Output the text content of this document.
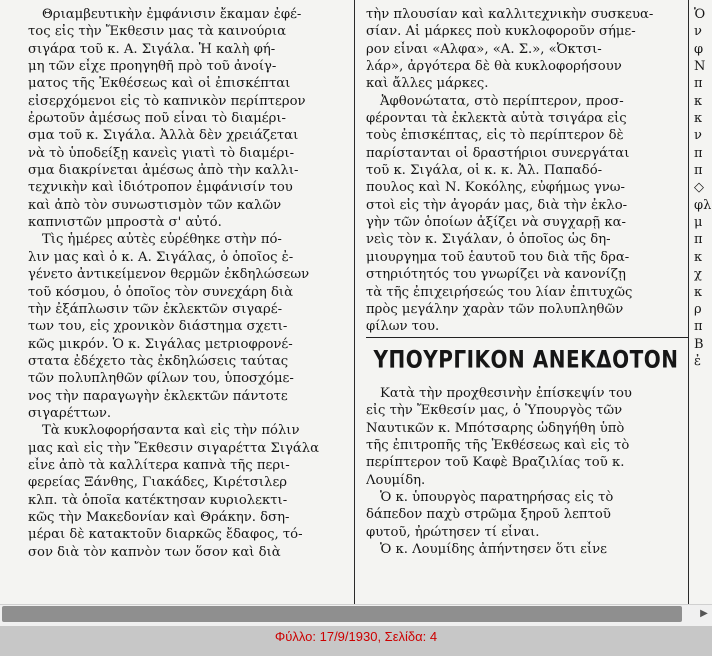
Θριαμβευτικὴν ἐμφάνισιν ἔκαμαν ἐφέ-
τος εἰς τὴν Ἔκθεσιν μας τὰ καινούρια
σιγάρα τοῦ κ. Α. Σιγάλα. Ἡ καλὴ φή-
μη τῶν εἶχε προηγηθῆ πρὸ τοῦ ἀνοίγ-
ματος τῆς Ἐκθέσεως καὶ οἱ ἐπισκέπται
εἰσερχόμενοι εἰς τὸ καπνικὸν περίπτερον
ἐρωτοῦν ἀμέσως ποῦ εἶναι τὸ διαμέρι-
σμα τοῦ κ. Σιγάλα. Ἀλλὰ δὲν χρειάζεται
νὰ τὸ ὑποδείξῃ κανεὶς γιατὶ τὸ διαμέρι-
σμα διακρίνεται ἀμέσως ἀπὸ τὴν καλλι-
τεχνικὴν καὶ ἰδιότροπον ἐμφάνισίν του
καὶ ἀπὸ τὸν συνωστισμὸν τῶν καλῶν
καπνιστῶν μπροστὰ σ' αὐτό.
Τὶς ἡμέρες αὐτὲς εὑρέθηκε στὴν πό-
λιν μας καὶ ὁ κ. Α. Σιγάλας, ὁ ὁποῖος ἐ-
γένετο ἀντικείμενον θερμῶν ἐκδηλώσεων
τοῦ κόσμου, ὁ ὁποῖος τὸν συνεχάρη διὰ
τὴν ἐξάπλωσιν τῶν ἐκλεκτῶν σιγαρέ-
των του, εἰς χρονικὸν διάστημα σχετι-
κῶς μικρόν. Ὁ κ. Σιγάλας μετριοφρονέ-
στατα ἐδέχετο τὰς ἐκδηλώσεις ταύτας
τῶν πολυπληθῶν φίλων του, ὑποσχόμε-
νος τὴν παραγωγὴν ἐκλεκτῶν πάντοτε
σιγαρέττων.
Τὰ κυκλοφορήσαντα καὶ εἰς τὴν πόλιν
μας καὶ εἰς τὴν Ἔκθεσιν σιγαρέττα Σιγάλα
εἶνε ἀπὸ τὰ καλλίτερα καπνὰ τῆς περι-
φερείας Ξάνθης, Γιακάδες, Κιρέτσιλερ
κλπ. τὰ ὁποῖα κατέκτησαν κυριολεκτι-
κῶς τὴν Μακεδονίαν καὶ Θράκην. δση-
μέραι δὲ κατακτοῦν διαρκῶς ἔδαφος, τό-
σον διὰ τὸν καπνὸν των ὅσον καὶ διὰ
τὴν πλουσίαν καὶ καλλιτεχνικὴν συσκευα-
σίαν. Αἱ μάρκες ποὺ κυκλοφοροῦν σήμε-
ρον εἶναι «Αλφα», «Α. Σ.», «Ὀκτσι-
λάρ», ἀργότερα δὲ θὰ κυκλοφορήσουν
καὶ ἄλλες μάρκες.
Ἀφθονώτατα, στὸ περίπτερον, προσ-
φέρονται τὰ ἐκλεκτὰ αὐτὰ τσιγάρα εἰς
τοὺς ἐπισκέπτας, εἰς τὸ περίπτερον δὲ
παρίστανται οἱ δραστήριοι συνεργάται
τοῦ κ. Σιγάλα, οἱ κ. κ. Ἀλ. Παπαδό-
πουλος καὶ Ν. Κοκόλης, εὐφήμως γνω-
στοὶ εἰς τὴν ἀγοράν μας, διὰ τὴν ἐκλο-
γὴν τῶν ὁποίων ἀξίζει νὰ συγχαρῇ κα-
νεὶς τὸν κ. Σιγάλαν, ὁ ὁποῖος ὡς δη-
μιουργημα τοῦ ἑαυτοῦ του διὰ τῆς δρα-
στηριότητός του γνωρίζει νὰ κανονίζῃ
τὰ τῆς ἐπιχειρήσεώς του λίαν ἐπιτυχῶς
πρὸς μεγάλην χαρὰν τῶν πολυπληθῶν
φίλων του.
ΥΠΟΥΡΓΙΚΟΝ ΑΝΕΚΔΟΤΟΝ
Κατὰ τὴν προχθεσινὴν ἐπίσκεψίν του
εἰς τὴν Ἔκθεσίν μας, ὁ Ὑπουργὸς τῶν
Ναυτικῶν κ. Μπότσαρης ὡδηγήθη ὑπὸ
τῆς ἐπιτροπῆς τῆς Ἐκθέσεως καὶ εἰς τὸ
περίπτερον τοῦ Καφὲ Βραζιλίας τοῦ κ.
Λουμίδη.
Ὁ κ. ὑπουργὸς παρατηρήσας εἰς τὸ
δάπεδον παχὺ στρῶμα ξηροῦ λεπτοῦ
φυτοῦ, ἠρώτησεν τί εἶναι.
Ὁ κ. Λουμίδης ἀπήντησεν ὅτι εἶνε
Ὁ
ν
φ
Ν
π
κ
κ
ν
π
π
◇
φλ
μ
π
κ
χ
κ
ρ
π
Β
ἐ
▶
Φύλλο: 17/9/1930, Σελίδα: 4
